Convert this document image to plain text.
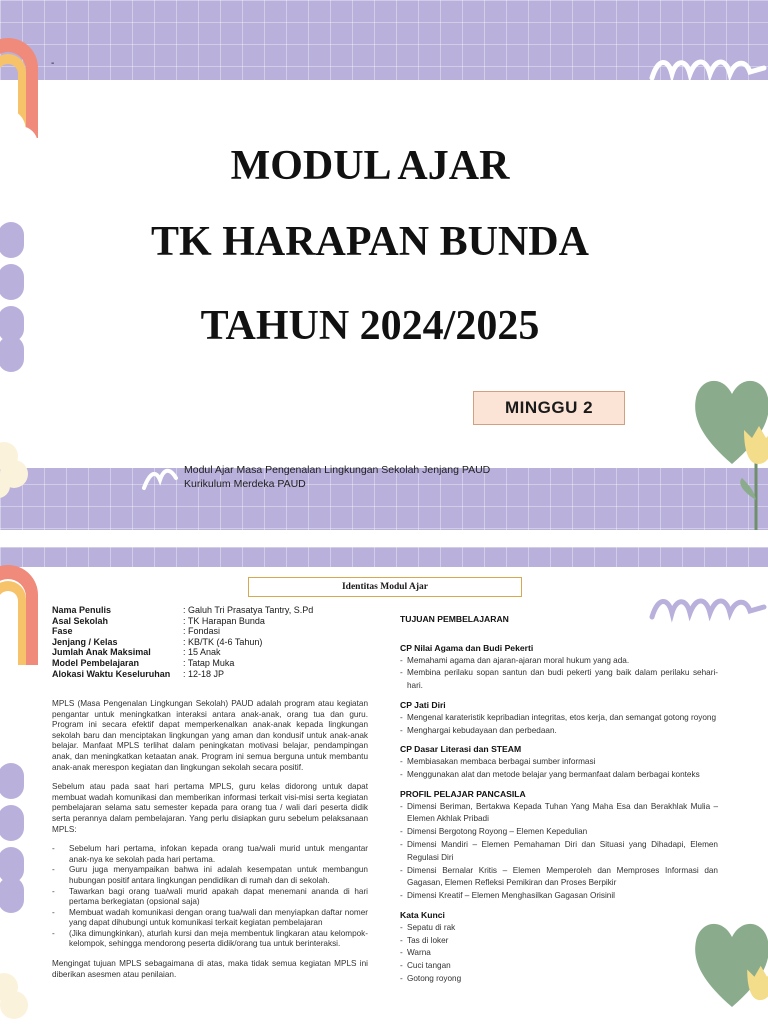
-
MODUL AJAR
TK HARAPAN BUNDA
TAHUN 2024/2025
MINGGU 2
Modul Ajar Masa Pengenalan Lingkungan Sekolah Jenjang PAUD
Kurikulum Merdeka PAUD
Identitas Modul Ajar
Nama Penulis	: Galuh Tri Prasatya Tantry, S.Pd
Asal Sekolah	: TK Harapan Bunda
Fase	: Fondasi
Jenjang / Kelas	: KB/TK (4-6 Tahun)
Jumlah Anak Maksimal	: 15 Anak
Model Pembelajaran	: Tatap Muka
Alokasi Waktu Keseluruhan	: 12-18 JP

MPLS (Masa Pengenalan Lingkungan Sekolah) PAUD adalah program atau kegiatan pengantar untuk meningkatkan interaksi antara anak-anak, orang tua dan guru. Program ini secara efektif dapat memperkenalkan anak-anak kepada lingkungan sekolah baru dan menciptakan lingkungan yang aman dan kondusif untuk anak-anak belajar. Manfaat MPLS terlihat dalam peningkatan motivasi belajar, pendampingan anak, dan meningkatkan ketaatan anak. Program ini semua berguna untuk membantu anak-anak merespon kegiatan dan lingkungan sekolah secara positif.

Sebelum atau pada saat hari pertama MPLS, guru kelas didorong untuk dapat membuat wadah komunikasi dan memberikan informasi terkait visi-misi serta kegiatan pembelajaran selama satu semester kepada para orang tua / wali dari peserta didik serta perannya dalam pembelajaran. Yang perlu disiapkan guru sebelum pelaksanaan MPLS:

-	Sebelum hari pertama, infokan kepada orang tua/wali murid untuk mengantar anak-nya ke sekolah pada hari pertama.
-	Guru juga menyampaikan bahwa ini adalah kesempatan untuk membangun hubungan positif antara lingkungan pendidikan di rumah dan di sekolah.
-	Tawarkan bagi orang tua/wali murid apakah dapat menemani ananda di hari pertama berkegiatan (opsional saja)
-	Membuat wadah komunikasi dengan orang tua/wali dan menyiapkan daftar nomer yang dapat dihubungi untuk komunikasi terkait kegiatan pembelajaran
-	(Jika dimungkinkan), aturlah kursi dan meja membentuk lingkaran atau kelompok-kelompok, sehingga mendorong peserta didik/orang tua untuk berinteraksi.

Mengingat tujuan MPLS sebagaimana di atas, maka tidak semua kegiatan MPLS ini diberikan asesmen atau penilaian.

TUJUAN PEMBELAJARAN
CP Nilai Agama dan Budi Pekerti
- Memahami agama dan ajaran-ajaran moral hukum yang ada.
- Membina perilaku sopan santun dan budi pekerti yang baik dalam perilaku sehari-hari.
CP Jati Diri
- Mengenal karateristik kepribadian integritas, etos kerja, dan semangat gotong royong
- Menghargai kebudayaan dan perbedaan.
CP Dasar Literasi dan STEAM
- Membiasakan membaca berbagai sumber informasi
- Menggunakan alat dan metode belajar yang bermanfaat dalam berbagai konteks
PROFIL PELAJAR PANCASILA
- Dimensi Beriman, Bertakwa Kepada Tuhan Yang Maha Esa dan Berakhlak Mulia – Elemen Akhlak Pribadi
- Dimensi Bergotong Royong – Elemen Kepedulian
- Dimensi Mandiri – Elemen Pemahaman Diri dan Situasi yang Dihadapi, Elemen Regulasi Diri
- Dimensi Bernalar Kritis – Elemen Memperoleh dan Memproses Informasi dan Gagasan, Elemen Refleksi Pemikiran dan Proses Berpikir
- Dimensi Kreatif – Elemen Menghasilkan Gagasan Orisinil
Kata Kunci
- Sepatu di rak
- Tas di loker
- Warna
- Cuci tangan
- Gotong royong
